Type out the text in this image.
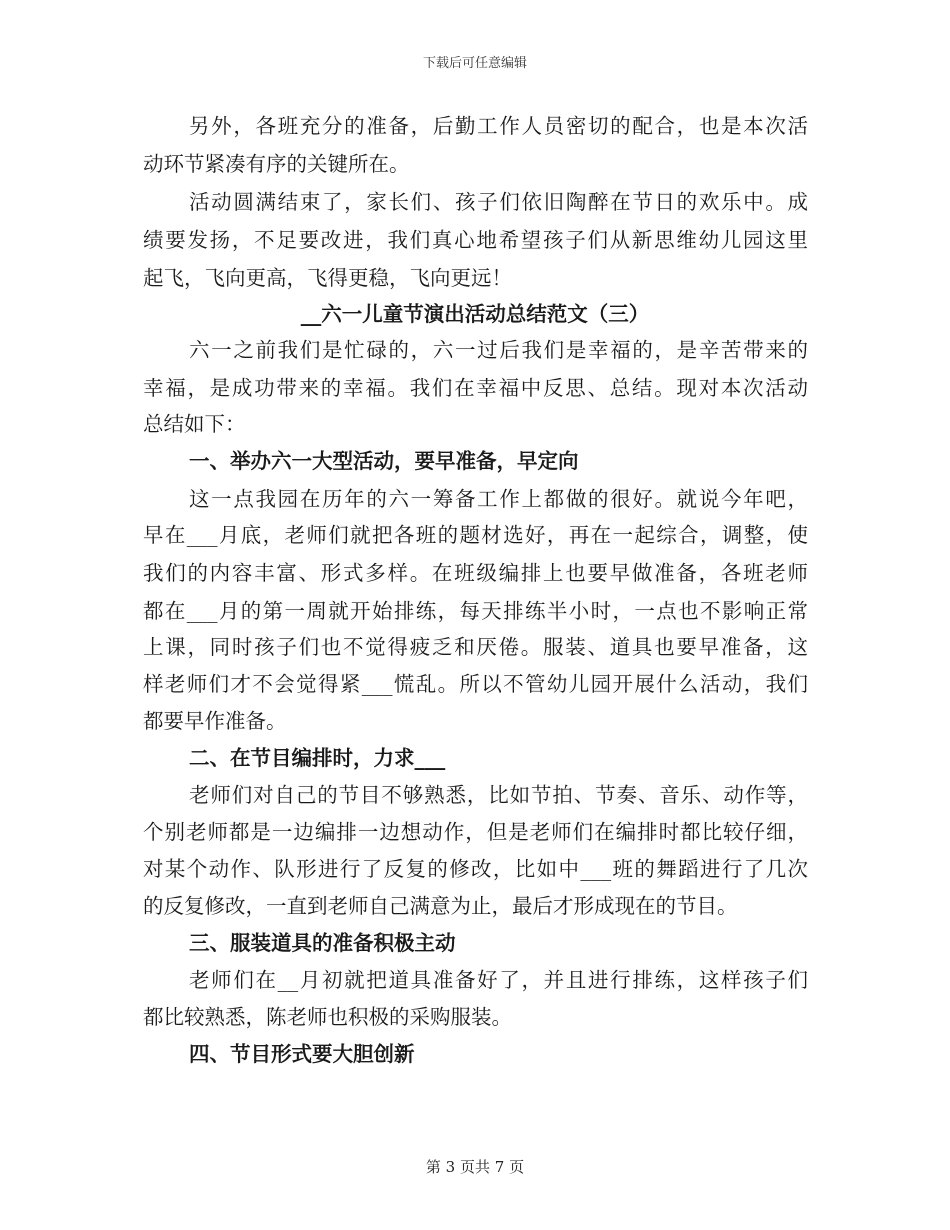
下载后可任意编辑
另外，各班充分的准备，后勤工作人员密切的配合，也是本次活
动环节紧凑有序的关键所在。
活动圆满结束了，家长们、孩子们依旧陶醉在节日的欢乐中。成
绩要发扬，不足要改进，我们真心地希望孩子们从新思维幼儿园这里
起飞，飞向更高，飞得更稳，飞向更远！
__六一儿童节演出活动总结范文（三）
六一之前我们是忙碌的，六一过后我们是幸福的，是辛苦带来的
幸福，是成功带来的幸福。我们在幸福中反思、总结。现对本次活动
总结如下：
一、举办六一大型活动，要早准备，早定向
这一点我园在历年的六一筹备工作上都做的很好。就说今年吧，
早在___月底，老师们就把各班的题材选好，再在一起综合，调整，使
我们的内容丰富、形式多样。在班级编排上也要早做准备，各班老师
都在___月的第一周就开始排练，每天排练半小时，一点也不影响正常
上课，同时孩子们也不觉得疲乏和厌倦。服装、道具也要早准备，这
样老师们才不会觉得紧___慌乱。所以不管幼儿园开展什么活动，我们
都要早作准备。
二、在节目编排时，力求___
老师们对自己的节目不够熟悉，比如节拍、节奏、音乐、动作等，
个别老师都是一边编排一边想动作，但是老师们在编排时都比较仔细，
对某个动作、队形进行了反复的修改，比如中___班的舞蹈进行了几次
的反复修改，一直到老师自己满意为止，最后才形成现在的节目。
三、服装道具的准备积极主动
老师们在__月初就把道具准备好了，并且进行排练，这样孩子们
都比较熟悉，陈老师也积极的采购服装。
四、节目形式要大胆创新
第 3 页共 7 页
